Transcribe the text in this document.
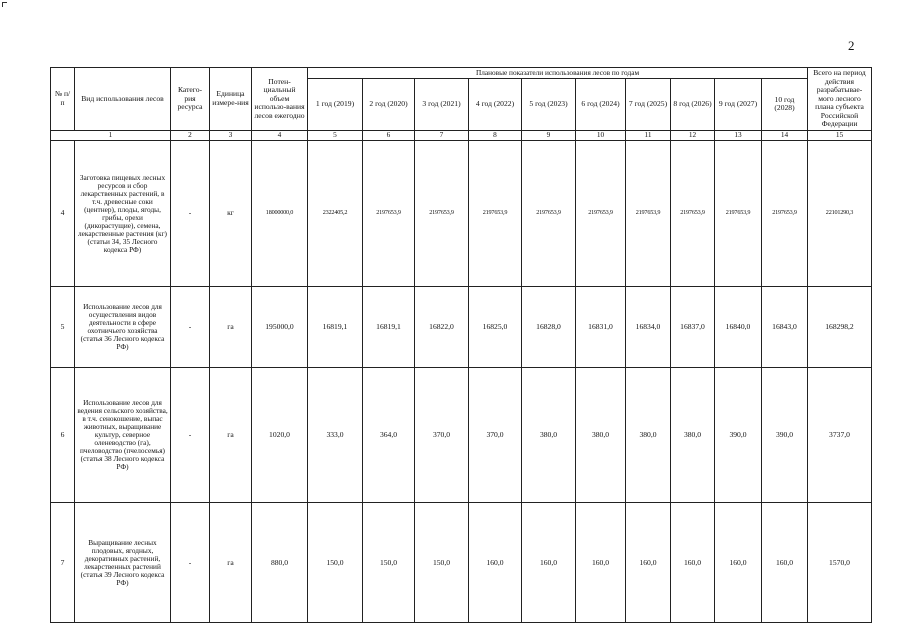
2
№ п/п	Вид использования лесов	Катего-рия ресурса	Единица измере-ния	Потен-циальный объем использо-вания лесов ежегодно	Плановые показатели использования лесов по годам										Всего на период действия разрабатывае-мого лесного плана субъекта Российской Федерации
					1 год (2019)	2 год (2020)	3 год (2021)	4 год (2022)	5 год (2023)	6 год (2024)	7 год (2025)	8 год (2026)	9 год (2027)	10 год (2028)	
1		2	3	4	5	6	7	8	9	10	11	12	13	14	15
4	Заготовка пищевых лесных ресурсов и сбор лекарственных растений, в т.ч. древесные соки (центнер), плоды, ягоды, грибы, орехи (дикорастущие), семена, лекарственные растения (кг) (статьи 34, 35 Лесного кодекса РФ)	-	кг	18000000,0	2322405,2	2197653,9	2197653,9	2197653,9	2197653,9	2197653,9	2197653,9	2197653,9	2197653,9	2197653,9	22101290,3
5	Использование лесов для осуществления видов деятельности в сфере охотничьего хозяйства (статья 36 Лесного кодекса РФ)	-	га	195000,0	16819,1	16819,1	16822,0	16825,0	16828,0	16831,0	16834,0	16837,0	16840,0	16843,0	168298,2
6	Использование лесов для ведения сельского хозяйства, в т.ч. сенокошение, выпас животных, выращивание культур, северное оленеводство (га), пчеловодство (пчелосемья) (статья 38 Лесного кодекса РФ)	-	га	1020,0	333,0	364,0	370,0	370,0	380,0	380,0	380,0	380,0	390,0	390,0	3737,0
7	Выращивание лесных плодовых, ягодных, декоративных растений, лекарственных растений (статья 39 Лесного кодекса РФ)	-	га	880,0	150,0	150,0	150,0	160,0	160,0	160,0	160,0	160,0	160,0	160,0	1570,0
